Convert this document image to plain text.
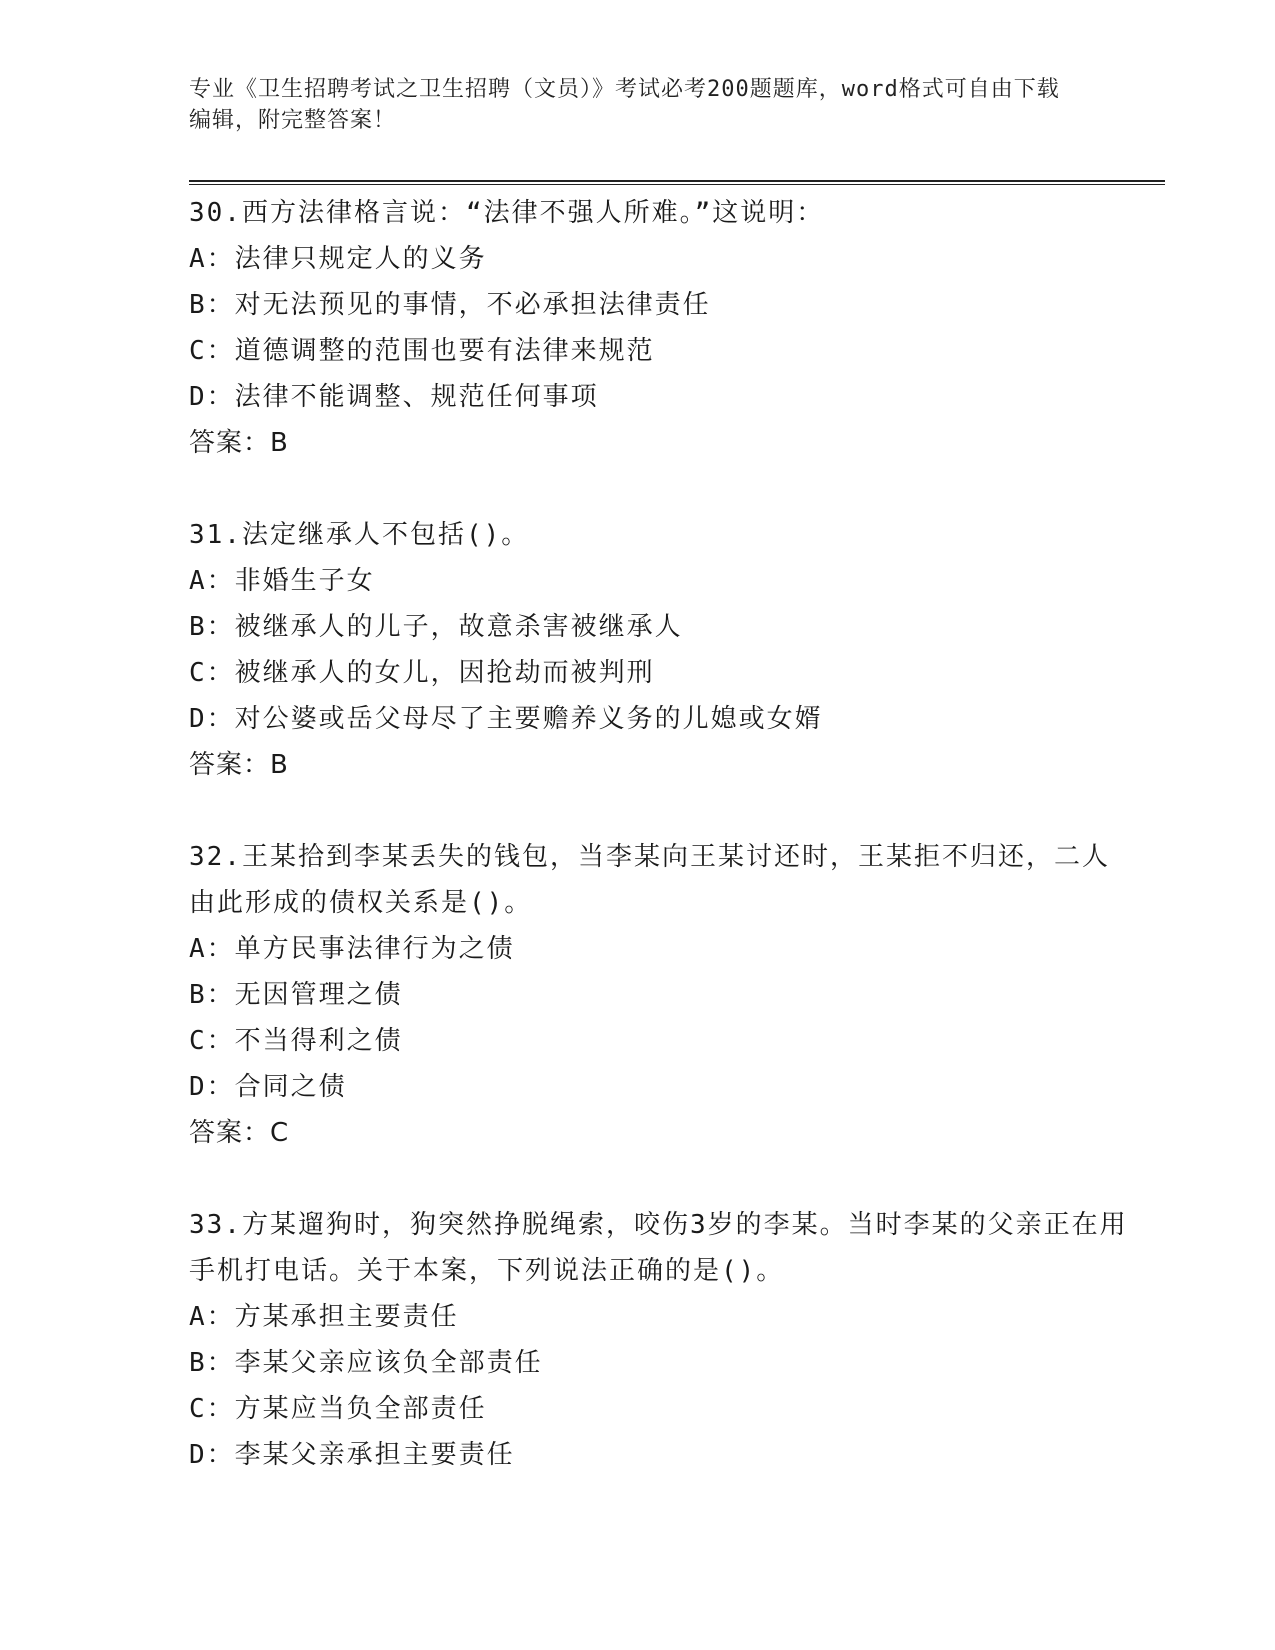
专业《卫生招聘考试之卫生招聘（文员）》考试必考200题题库，word格式可自由下载编辑，附完整答案！
30.西方法律格言说：“法律不强人所难。”这说明：
A：法律只规定人的义务
B：对无法预见的事情，不必承担法律责任
C：道德调整的范围也要有法律来规范
D：法律不能调整、规范任何事项
答案：B
31.法定继承人不包括()。
A：非婚生子女
B：被继承人的儿子，故意杀害被继承人
C：被继承人的女儿，因抢劫而被判刑
D：对公婆或岳父母尽了主要赡养义务的儿媳或女婿
答案：B
32.王某拾到李某丢失的钱包，当李某向王某讨还时，王某拒不归还，二人由此形成的债权关系是()。
A：单方民事法律行为之债
B：无因管理之债
C：不当得利之债
D：合同之债
答案：C
33.方某遛狗时，狗突然挣脱绳索，咬伤3岁的李某。当时李某的父亲正在用手机打电话。关于本案，下列说法正确的是()。
A：方某承担主要责任
B：李某父亲应该负全部责任
C：方某应当负全部责任
D：李某父亲承担主要责任
